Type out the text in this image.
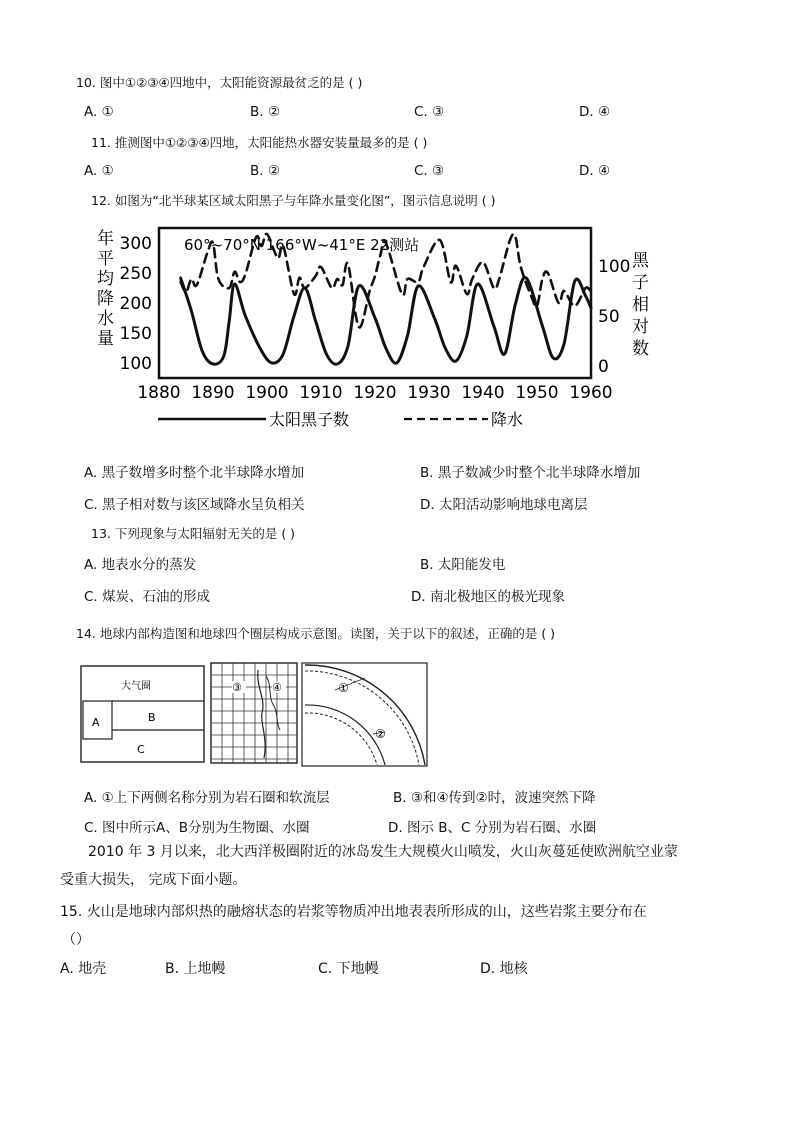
10. 图中①②③④四地中，太阳能资源最贫乏的是 ( )
A. ①	B. ②	C. ③	D. ④
11. 推测图中①②③④四地，太阳能热水器安装量最多的是 ( )
A. ①	B. ②	C. ③	D. ④
12. 如图为“北半球某区域太阳黑子与年降水量变化图”，图示信息说明 ( )
60°~70°N 166°W~41°E 22测站
年
平
均
降
水
量
黑
子
相
对
数
300
250
200
150
100
100
50
0
1880 1890 1900 1910 1920 1930 1940 1950 1960
太阳黑子数	降水
A. 黑子数增多时整个北半球降水增加	B. 黑子数减少时整个北半球降水增加
C. 黑子相对数与该区域降水呈负相关	D. 太阳活动影响地球电离层
13. 下列现象与太阳辐射无关的是 ( )
A. 地表水分的蒸发	B. 太阳能发电
C. 煤炭、石油的形成	D. 南北极地区的极光现象
14. 地球内部构造图和地球四个圈层构成示意图。读图，关于以下的叙述，正确的是 ( )
大气圈
A	B
C
③	④	①
②
A. ①上下两侧名称分别为岩石圈和软流层	B. ③和④传到②时，波速突然下降
C. 图中所示A、B分别为生物圈、水圈	D. 图示 B、C 分别为岩石圈、水圈
2010 年 3 月以来，北大西洋极圈附近的冰岛发生大规模火山喷发，火山灰蔓延使欧洲航空业蒙
受重大损失， 完成下面小题。
15. 火山是地球内部炽热的融熔状态的岩浆等物质冲出地表表所形成的山，这些岩浆主要分布在
（）
A. 地壳	B. 上地幔	C. 下地幔	D. 地核
